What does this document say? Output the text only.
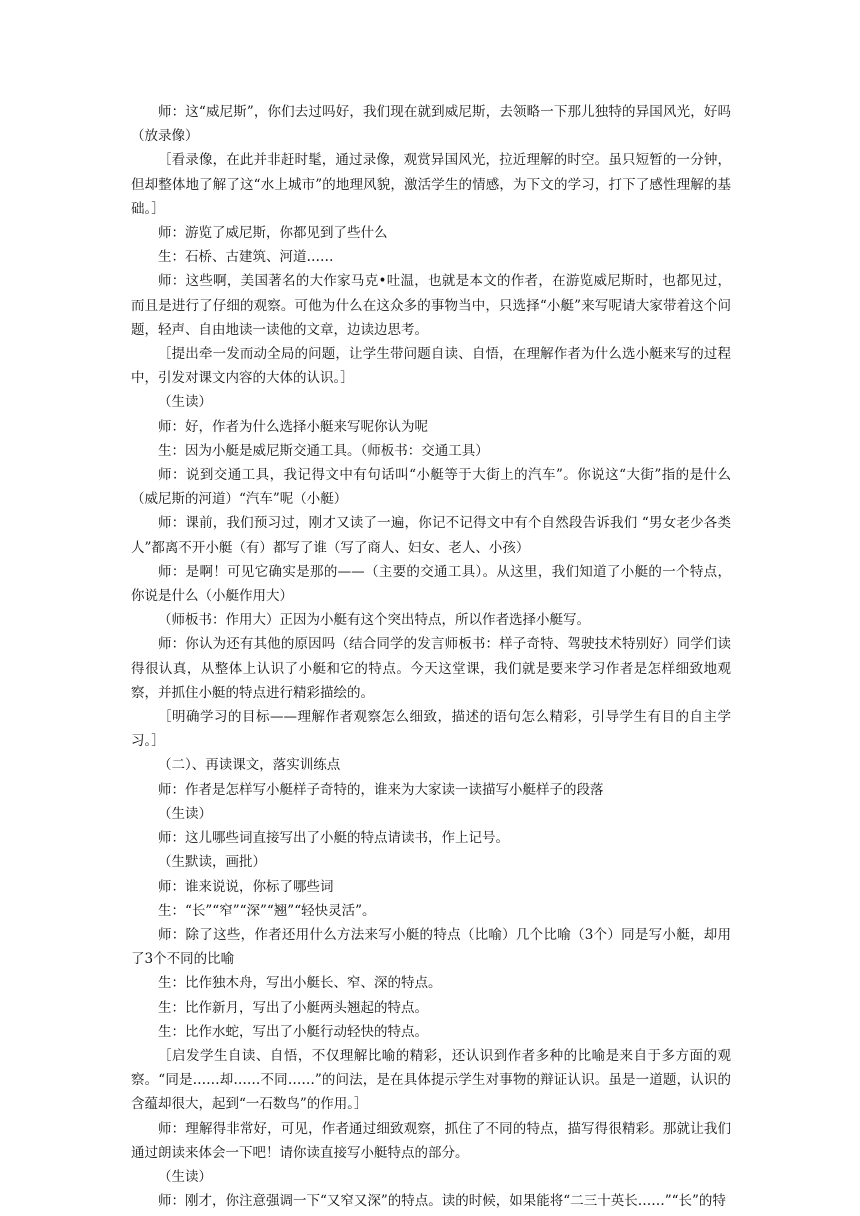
师：这“威尼斯”，你们去过吗好，我们现在就到威尼斯，去领略一下那儿独特的异国风光，好吗（放录像）

［看录像，在此并非赶时髦，通过录像，观赏异国风光，拉近理解的时空。虽只短暂的一分钟，但却整体地了解了这“水上城市”的地理风貌，激活学生的情感，为下文的学习，打下了感性理解的基础。］

师：游览了威尼斯，你都见到了些什么

生：石桥、古建筑、河道……

师：这些啊，美国著名的大作家马克•吐温，也就是本文的作者，在游览威尼斯时，也都见过，而且是进行了仔细的观察。可他为什么在这众多的事物当中，只选择“小艇”来写呢请大家带着这个问题，轻声、自由地读一读他的文章，边读边思考。

［提出牵一发而动全局的问题，让学生带问题自读、自悟，在理解作者为什么选小艇来写的过程中，引发对课文内容的大体的认识。］

（生读）

师：好，作者为什么选择小艇来写呢你认为呢

生：因为小艇是威尼斯交通工具。（师板书：交通工具）

师：说到交通工具，我记得文中有句话叫“小艇等于大街上的汽车”。你说这“大街”指的是什么（威尼斯的河道）“汽车”呢（小艇）

师：课前，我们预习过，刚才又读了一遍，你记不记得文中有个自然段告诉我们 “男女老少各类人”都离不开小艇（有）都写了谁（写了商人、妇女、老人、小孩）

师：是啊！可见它确实是那的——（主要的交通工具）。从这里，我们知道了小艇的一个特点，你说是什么（小艇作用大）

（师板书：作用大）正因为小艇有这个突出特点，所以作者选择小艇写。

师：你认为还有其他的原因吗（结合同学的发言师板书：样子奇特、驾驶技术特别好）同学们读得很认真，从整体上认识了小艇和它的特点。今天这堂课，我们就是要来学习作者是怎样细致地观察，并抓住小艇的特点进行精彩描绘的。

［明确学习的目标——理解作者观察怎么细致，描述的语句怎么精彩，引导学生有目的自主学习。］

（二）、再读课文，落实训练点

师：作者是怎样写小艇样子奇特的，谁来为大家读一读描写小艇样子的段落

（生读）

师：这儿哪些词直接写出了小艇的特点请读书，作上记号。

（生默读，画批）

师：谁来说说，你标了哪些词

生：“长”“窄”“深”“翘”“轻快灵活”。

师：除了这些，作者还用什么方法来写小艇的特点（比喻）几个比喻（3个）同是写小艇，却用了3个不同的比喻

生：比作独木舟，写出小艇长、窄、深的特点。

生：比作新月，写出了小艇两头翘起的特点。

生：比作水蛇，写出了小艇行动轻快的特点。

［启发学生自读、自悟，不仅理解比喻的精彩，还认识到作者多种的比喻是来自于多方面的观察。“同是……却……不同……”的问法，是在具体提示学生对事物的辩证认识。虽是一道题，认识的含蕴却很大，起到“一石数鸟”的作用。］

师：理解得非常好，可见，作者通过细致观察，抓住了不同的特点，描写得很精彩。那就让我们通过朗读来体会一下吧！请你读直接写小艇特点的部分。

（生读）

师：刚才，你注意强调一下“又窄又深”的特点。读的时候，如果能将“二三十英长……”“长”的特
